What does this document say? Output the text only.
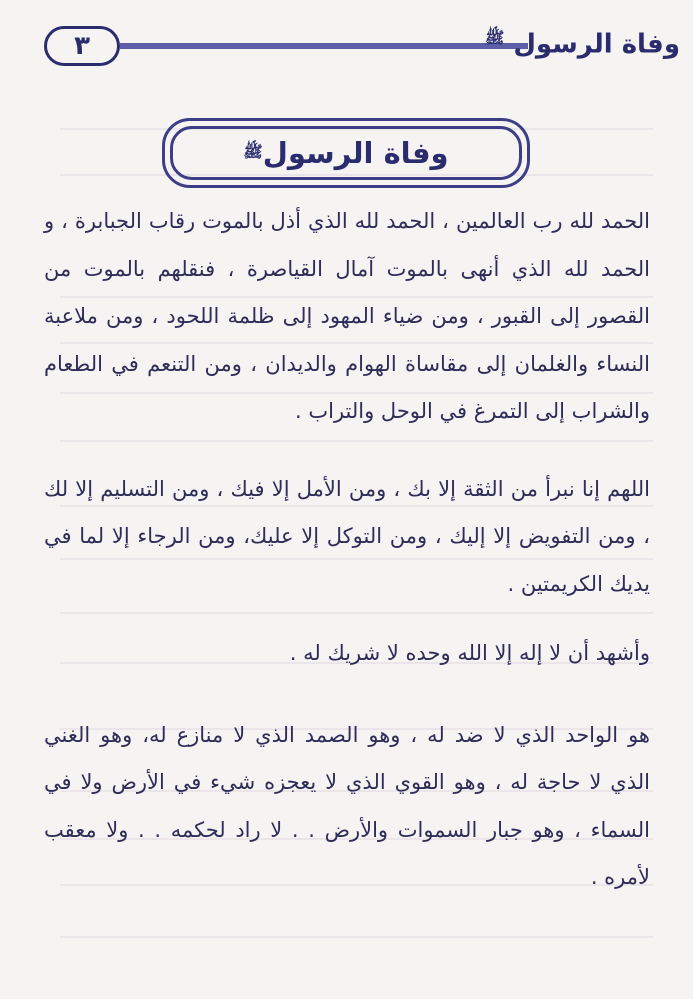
٣	وفاة الرسول $^ﷺ$
وفاة الرسول
ﷺ

الحمد لله رب العالمين ، الحمد لله الذي أذل بالموت رقاب الجبابرة ، و الحمد لله الذي أنهى بالموت آمال القياصرة ، فنقلهم بالموت من القصور إلى القبور ، ومن ضياء المهود إلى ظلمة اللحود ، ومن ملاعبة النساء والغلمان إلى مقاساة الهوام والديدان ، ومن التنعم في الطعام والشراب إلى التمرغ في الوحل والتراب .

اللهم إنا نبرأ من الثقة إلا بك ، ومن الأمل إلا فيك ، ومن التسليم إلا لك ، ومن التفويض إلا إليك ، ومن التوكل إلا عليك، ومن الرجاء إلا لما في يديك الكريمتين .

وأشهد أن لا إله إلا الله وحده لا شريك له .

هو الواحد الذي لا ضد له ، وهو الصمد الذي لا منازع له، وهو الغني الذي لا حاجة له ، وهو القوي الذي لا يعجزه شيء في الأرض ولا في السماء ، وهو جبار السموات والأرض . . لا راد لحكمه . . ولا معقب لأمره .
